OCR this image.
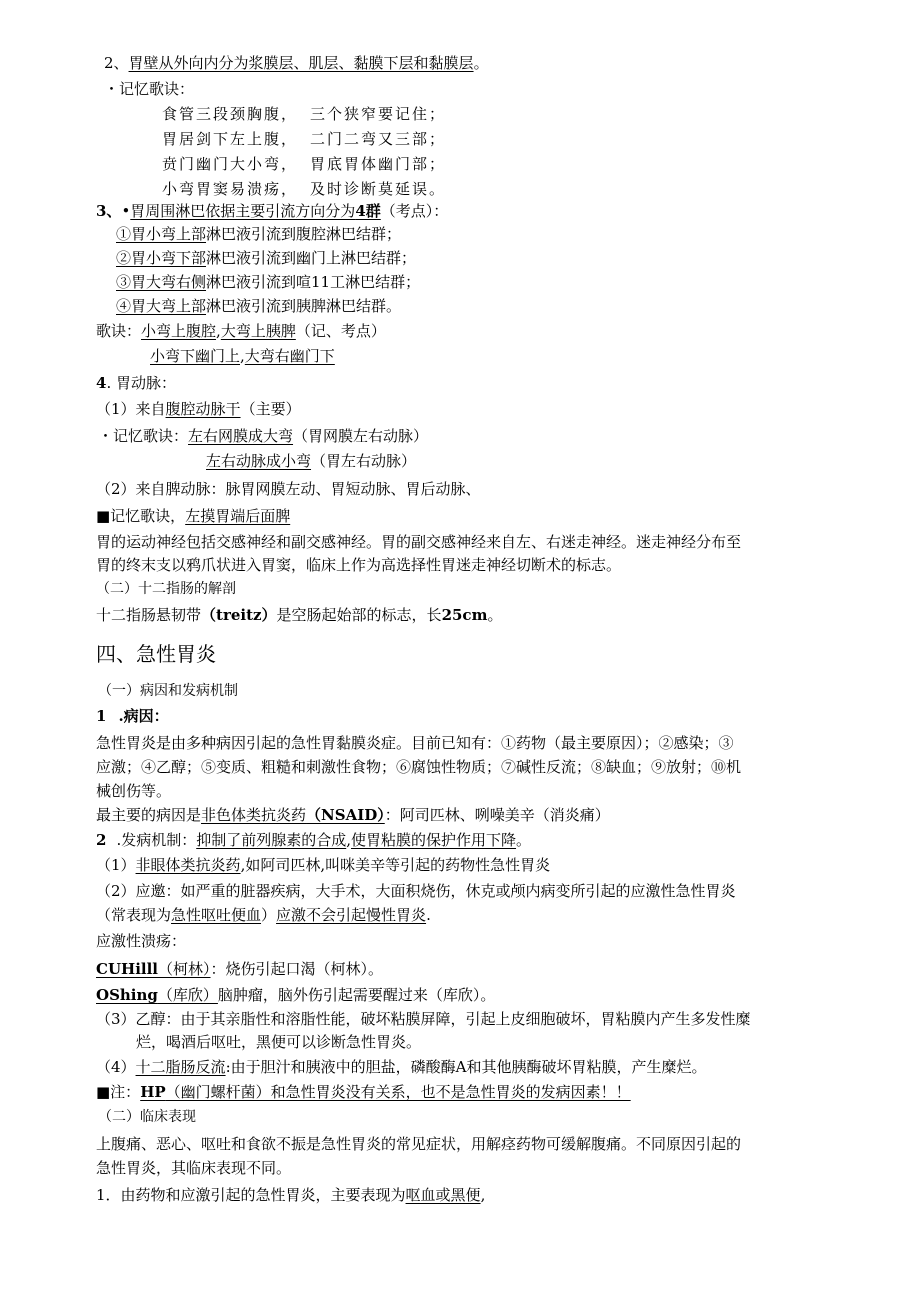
2、胃壁从外向内分为浆膜层、肌层、黏膜下层和黏膜层。
・记忆歌诀：
食管三段颈胸腹， 三个狭窄要记住；
胃居剑下左上腹， 二门二弯又三部；
贲门幽门大小弯， 胃底胃体幽门部；
小弯胃窦易溃疡， 及时诊断莫延误。
3、•胃周围淋巴依据主要引流方向分为4群（考点）：
①胃小弯上部淋巴液引流到腹腔淋巴结群；
②胃小弯下部淋巴液引流到幽门上淋巴结群；
③胃大弯右侧淋巴液引流到喧11工淋巴结群；
④胃大弯上部淋巴液引流到胰脾淋巴结群。
歌诀：小弯上腹腔,大弯上胰脾（记、考点）
小弯下幽门上,大弯右幽门下
4. 胃动脉：
（1）来自腹腔动脉干（主要）
・记忆歌诀：左右网膜成大弯（胃网膜左右动脉）
左右动脉成小弯（胃左右动脉）
（2）来自脾动脉：脉胃网膜左动、胃短动脉、胃后动脉、
■记忆歌诀，左摸胃端后面脾
胃的运动神经包括交感神经和副交感神经。胃的副交感神经来自左、右迷走神经。迷走神经分布至
胃的终末支以鸦爪状进入胃窦，临床上作为高选择性胃迷走神经切断术的标志。
（二）十二指肠的解剖
十二指肠悬韧带（treitz）是空肠起始部的标志，长25cm。
四、急性胃炎
（一）病因和发病机制
1 .病因：
急性胃炎是由多种病因引起的急性胃黏膜炎症。目前已知有：①药物（最主要原因）；②感染；③
应激；④乙醇；⑤变质、粗糙和刺激性食物；⑥腐蚀性物质；⑦碱性反流；⑧缺血；⑨放射；⑩机
械创伤等。
最主要的病因是非色体类抗炎药（NSAID）：阿司匹林、咧噪美辛（消炎痛）
2 .发病机制：抑制了前列腺素的合成,使胃粘膜的保护作用下降。
（1）非眼体类抗炎药,如阿司匹林,叫咪美辛等引起的药物性急性胃炎
（2）应邀：如严重的脏器疾病，大手术，大面积烧伤，休克或颅内病变所引起的应激性急性胃炎
（常表现为急性呕吐便血）应激不会引起慢性胃炎.
应激性溃疡：
CUHilll（柯林）：烧伤引起口渴（柯林）。
OShing（库欣）脑肿瘤，脑外伤引起需要醒过来（库欣）。
（3）乙醇：由于其亲脂性和溶脂性能，破坏粘膜屏障，引起上皮细胞破坏，胃粘膜内产生多发性糜
烂，喝酒后呕吐，黑便可以诊断急性胃炎。
（4）十二脂肠反流:由于胆汁和胰液中的胆盐，磷酸酶A和其他胰酶破坏胃粘膜，产生糜烂。
■注：HP（幽门螺杆菌）和急性胃炎没有关系，也不是急性胃炎的发病因素！！
（二）临床表现
上腹痛、恶心、呕吐和食欲不振是急性胃炎的常见症状，用解痉药物可缓解腹痛。不同原因引起的
急性胃炎，其临床表现不同。
1．由药物和应激引起的急性胃炎，主要表现为呕血或黑便,
